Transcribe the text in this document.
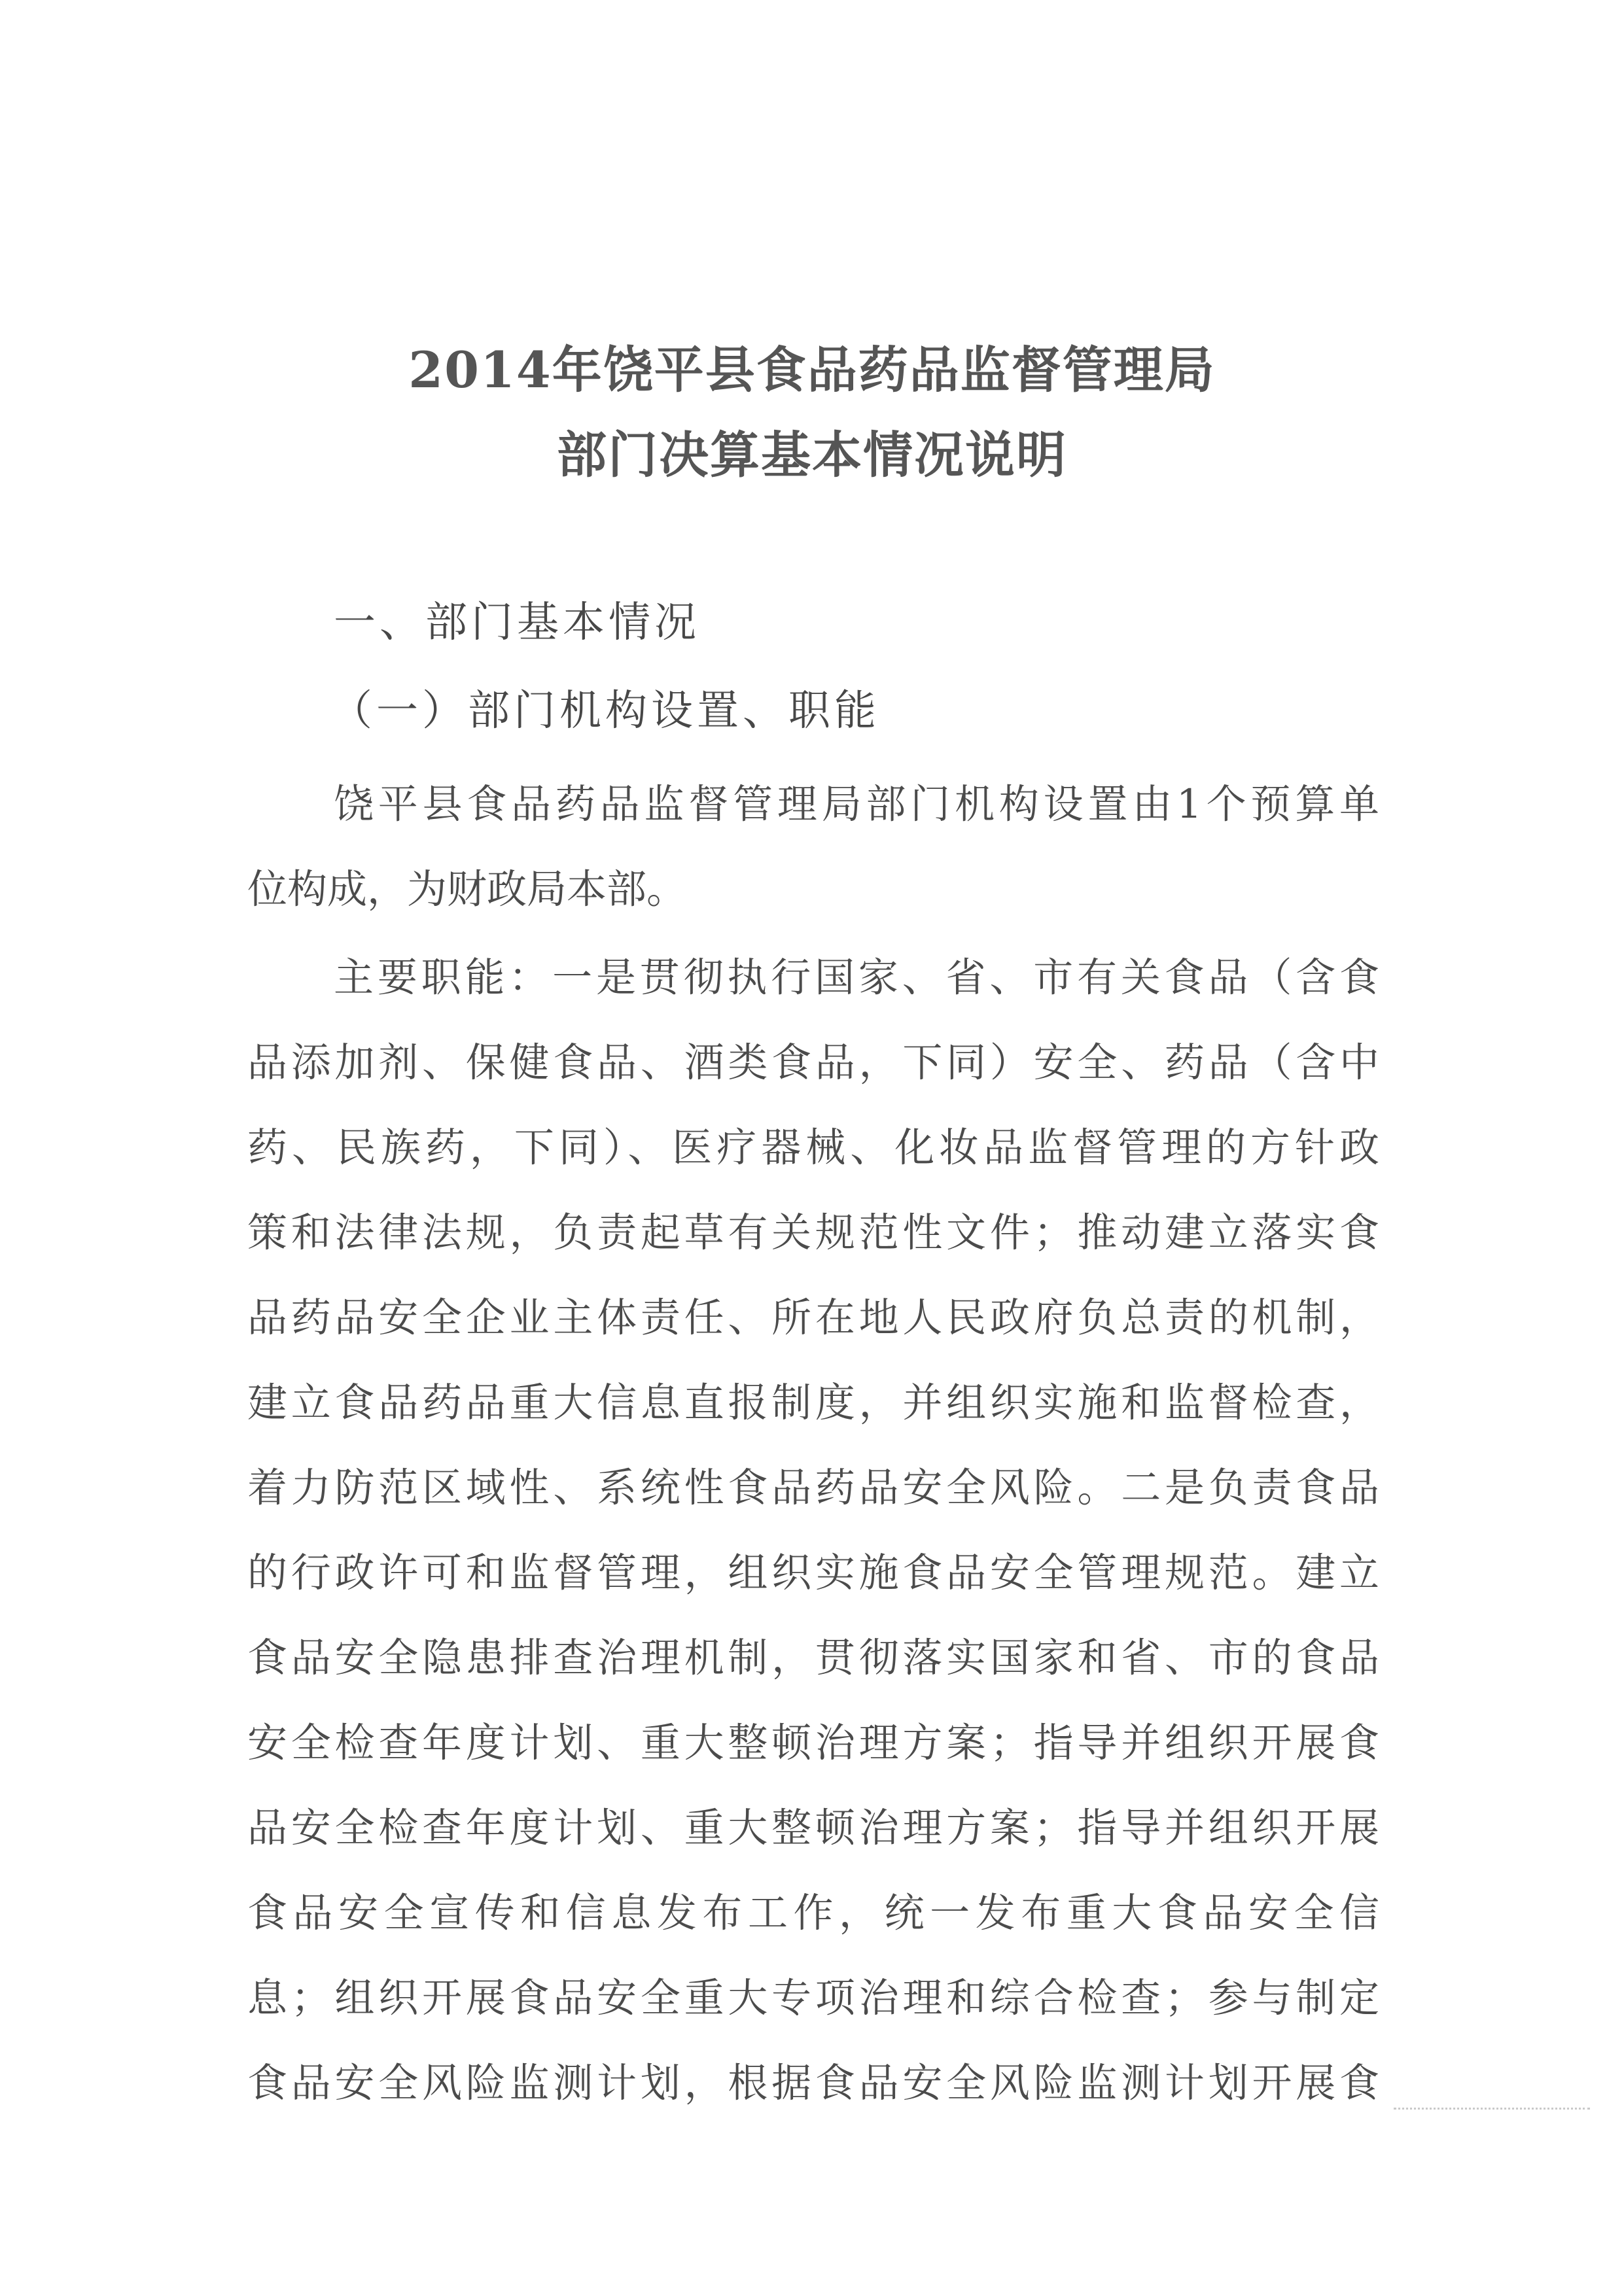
2014年饶平县食品药品监督管理局
部门决算基本情况说明
一、部门基本情况
（一）部门机构设置、职能
饶平县食品药品监督管理局部门机构设置由1个预算单
位构成，为财政局本部。
主要职能：一是贯彻执行国家、省、市有关食品（含食
品添加剂、保健食品、酒类食品，下同）安全、药品（含中
药、民族药，下同）、医疗器械、化妆品监督管理的方针政
策和法律法规，负责起草有关规范性文件；推动建立落实食
品药品安全企业主体责任、所在地人民政府负总责的机制，
建立食品药品重大信息直报制度，并组织实施和监督检查，
着力防范区域性、系统性食品药品安全风险。二是负责食品
的行政许可和监督管理，组织实施食品安全管理规范。建立
食品安全隐患排查治理机制，贯彻落实国家和省、市的食品
安全检查年度计划、重大整顿治理方案；指导并组织开展食
品安全检查年度计划、重大整顿治理方案；指导并组织开展
食品安全宣传和信息发布工作，统一发布重大食品安全信
息；组织开展食品安全重大专项治理和综合检查；参与制定
食品安全风险监测计划，根据食品安全风险监测计划开展食
